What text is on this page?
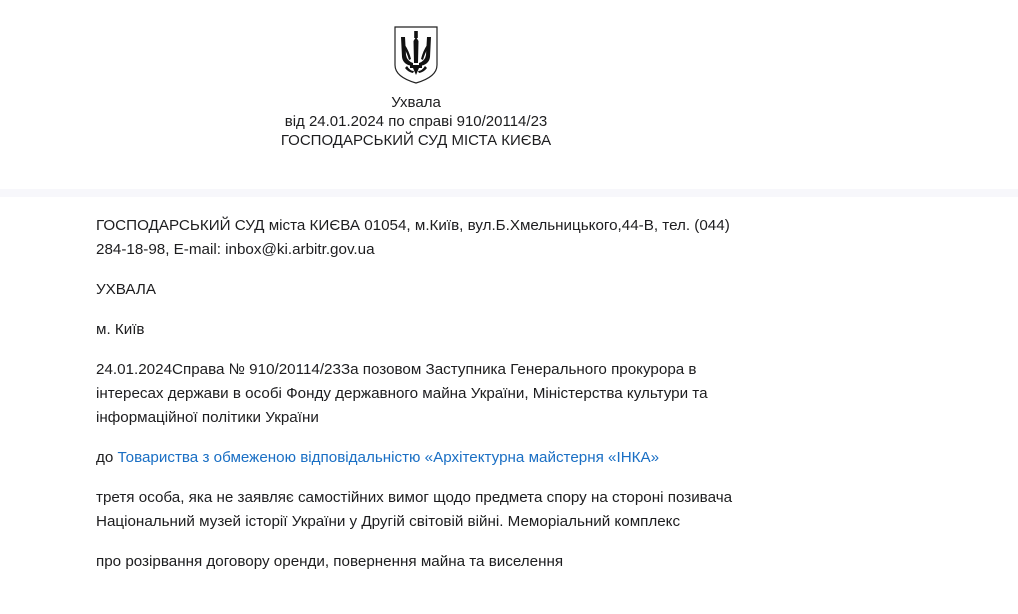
Ухвала
від 24.01.2024 по справі 910/20114/23
ГОСПОДАРСЬКИЙ СУД МІСТА КИЄВА

ГОСПОДАРСЬКИЙ СУД міста КИЄВА 01054, м.Київ, вул.Б.Хмельницького,44-В, тел. (044) 284-18-98, E-mail: inbox@ki.arbitr.gov.ua

УХВАЛА

м. Київ

24.01.2024Справа № 910/20114/23За позовом Заступника Генерального прокурора в інтересах держави в особі Фонду державного майна України, Міністерства культури та інформаційної політики України

до Товариства з обмеженою відповідальністю «Архітектурна майстерня «ІНКА»

третя особа, яка не заявляє самостійних вимог щодо предмета спору на стороні позивача Національний музей історії України у Другій світовій війні. Меморіальний комплекс

про розірвання договору оренди, повернення майна та виселення
